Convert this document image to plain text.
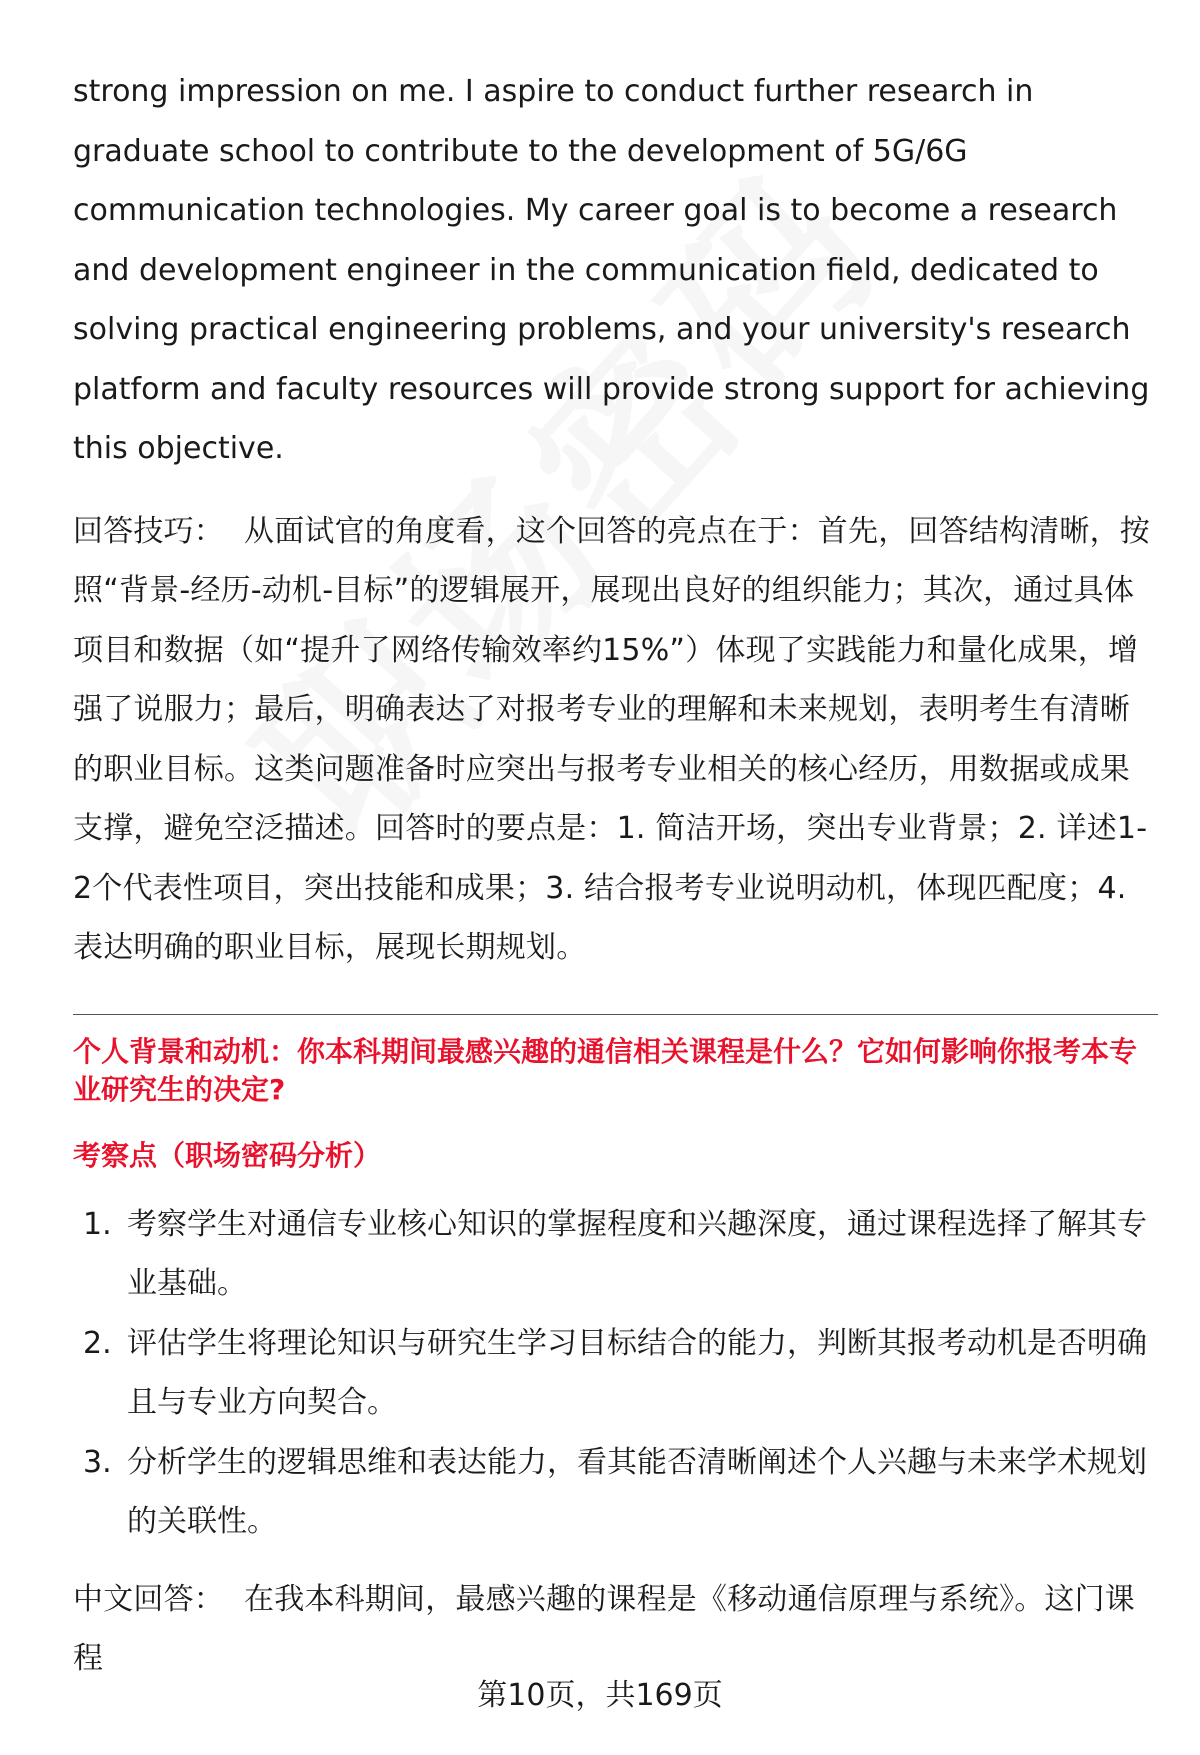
strong impression on me. I aspire to conduct further research in graduate school to contribute to the development of 5G/6G communication technologies. My career goal is to become a research and development engineer in the communication field, dedicated to solving practical engineering problems, and your university's research platform and faculty resources will provide strong support for achieving this objective.

回答技巧： 从面试官的角度看，这个回答的亮点在于：首先，回答结构清晰，按照“背景-经历-动机-目标”的逻辑展开，展现出良好的组织能力；其次，通过具体项目和数据（如“提升了网络传输效率约15%”）体现了实践能力和量化成果，增强了说服力；最后，明确表达了对报考专业的理解和未来规划，表明考生有清晰的职业目标。这类问题准备时应突出与报考专业相关的核心经历，用数据或成果支撑，避免空泛描述。回答时的要点是：1. 简洁开场，突出专业背景；2. 详述1-2个代表性项目，突出技能和成果；3. 结合报考专业说明动机，体现匹配度；4. 表达明确的职业目标，展现长期规划。

个人背景和动机：你本科期间最感兴趣的通信相关课程是什么？它如何影响你报考本专业研究生的决定?
考察点（职场密码分析）
1. 考察学生对通信专业核心知识的掌握程度和兴趣深度，通过课程选择了解其专业基础。
2. 评估学生将理论知识与研究生学习目标结合的能力，判断其报考动机是否明确且与专业方向契合。
3. 分析学生的逻辑思维和表达能力，看其能否清晰阐述个人兴趣与未来学术规划的关联性。

中文回答： 在我本科期间，最感兴趣的课程是《移动通信原理与系统》。这门课程

第10页，共169页
